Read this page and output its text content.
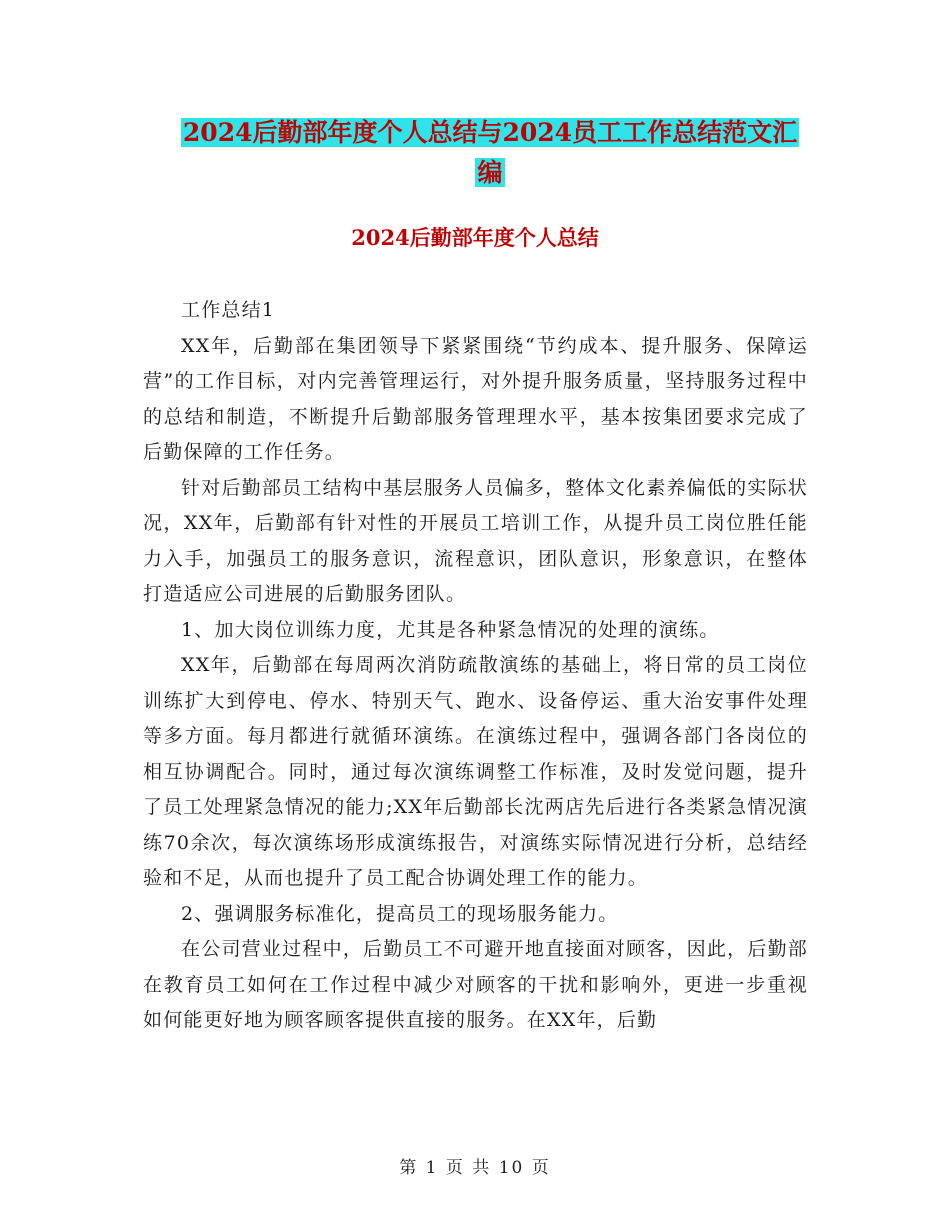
2024后勤部年度个人总结与2024员工工作总结范文汇
编
2024后勤部年度个人总结

工作总结1

XX年，后勤部在集团领导下紧紧围绕“节约成本、提升服务、保障运营”的工作目标，对内完善管理运行，对外提升服务质量，坚持服务过程中的总结和制造，不断提升后勤部服务管理理水平，基本按集团要求完成了后勤保障的工作任务。

针对后勤部员工结构中基层服务人员偏多，整体文化素养偏低的实际状况，XX年，后勤部有针对性的开展员工培训工作，从提升员工岗位胜任能力入手，加强员工的服务意识，流程意识，团队意识，形象意识，在整体打造适应公司进展的后勤服务团队。

1、加大岗位训练力度，尤其是各种紧急情况的处理的演练。

XX年，后勤部在每周两次消防疏散演练的基础上，将日常的员工岗位训练扩大到停电、停水、特别天气、跑水、设备停运、重大治安事件处理等多方面。每月都进行就循环演练。在演练过程中，强调各部门各岗位的相互协调配合。同时，通过每次演练调整工作标准，及时发觉问题，提升了员工处理紧急情况的能力;XX年后勤部长沈两店先后进行各类紧急情况演练70余次，每次演练场形成演练报告，对演练实际情况进行分析，总结经验和不足，从而也提升了员工配合协调处理工作的能力。

2、强调服务标准化，提高员工的现场服务能力。

在公司营业过程中，后勤员工不可避开地直接面对顾客，因此，后勤部在教育员工如何在工作过程中减少对顾客的干扰和影响外，更进一步重视如何能更好地为顾客顾客提供直接的服务。在XX年，后勤

第 1 页 共 10 页
